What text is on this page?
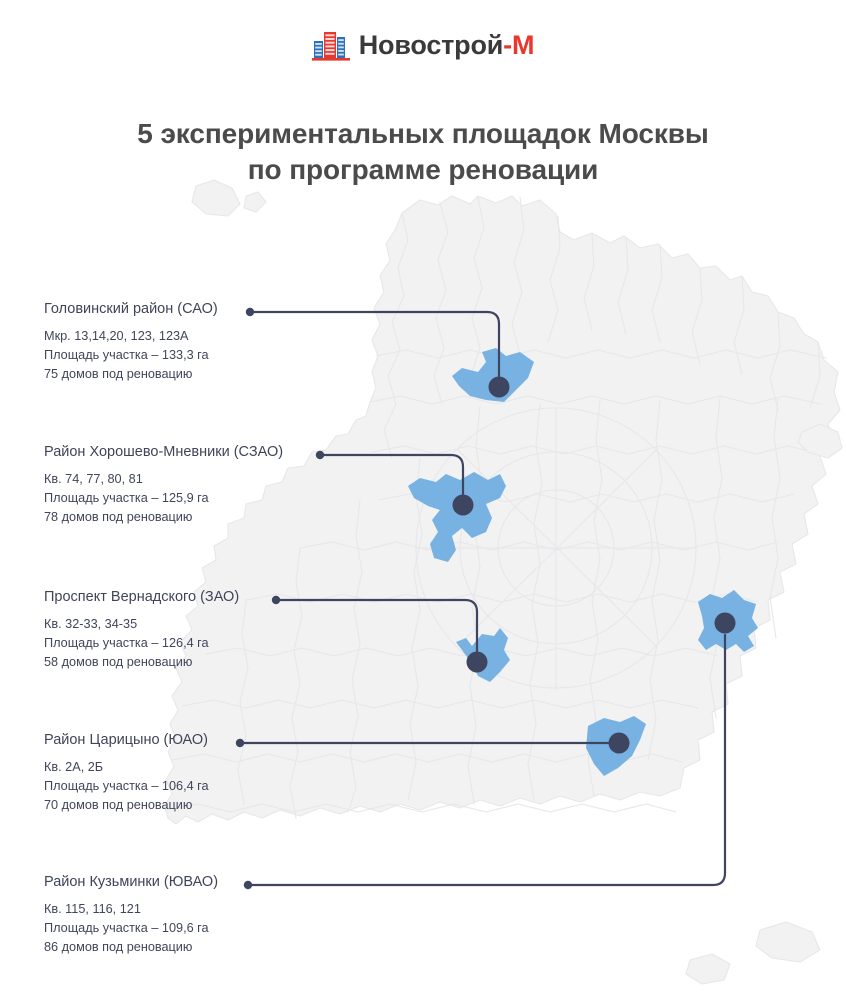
Новострой-М
5 экспериментальных площадок Москвы
по программе реновации
Головинский район (САО)
Мкр. 13,14,20, 123, 123А
Площадь участка – 133,3 га
75 домов под реновацию
Район Хорошево-Мневники (СЗАО)
Кв. 74, 77, 80, 81
Площадь участка – 125,9 га
78 домов под реновацию
Проспект Вернадского (ЗАО)
Кв. 32-33, 34-35
Площадь участка – 126,4 га
58 домов под реновацию
Район Царицыно (ЮАО)
Кв. 2А, 2Б
Площадь участка – 106,4 га
70 домов под реновацию
Район Кузьминки (ЮВАО)
Кв. 115, 116, 121
Площадь участка – 109,6 га
86 домов под реновацию
